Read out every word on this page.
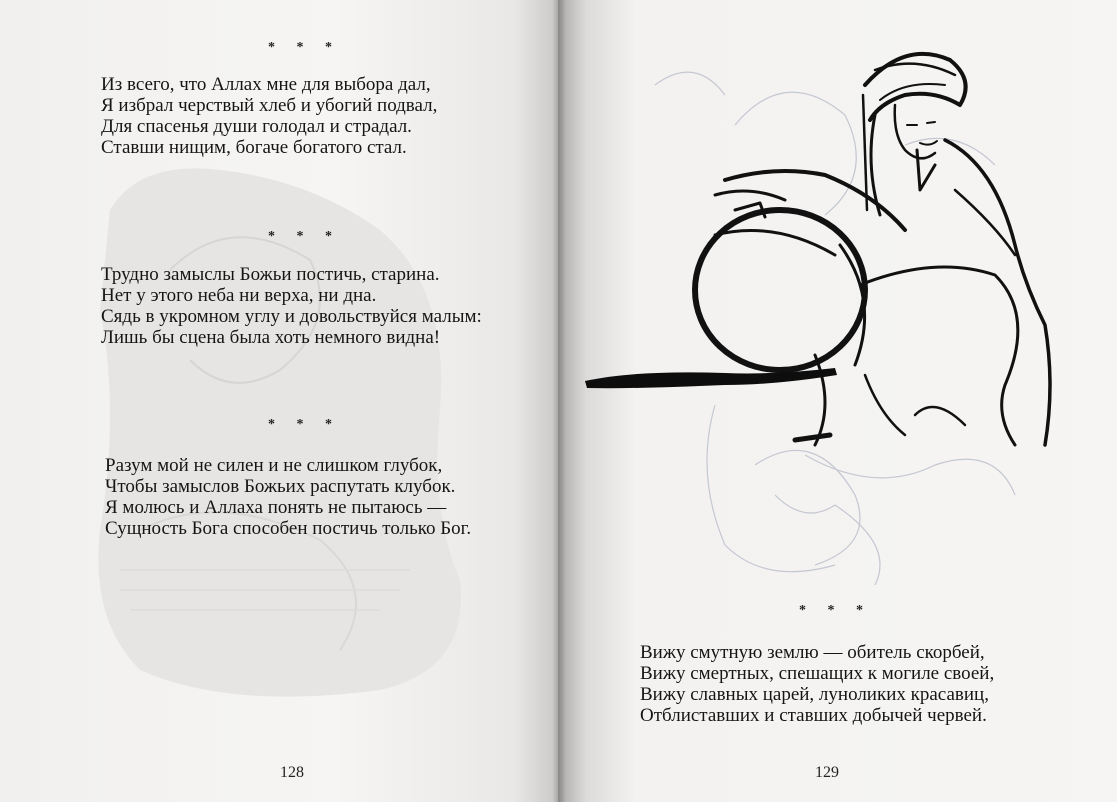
* * *
Из всего, что Аллах мне для выбора дал,
Я избрал черствый хлеб и убогий подвал,
Для спасенья души голодал и страдал.
Ставши нищим, богаче богатого стал.
* * *
Трудно замыслы Божьи постичь, старина.
Нет у этого неба ни верха, ни дна.
Сядь в укромном углу и довольствуйся малым:
Лишь бы сцена была хоть немного видна!
* * *
Разум мой не силен и не слишком глубок,
Чтобы замыслов Божьих распутать клубок.
Я молюсь и Аллаха понять не пытаюсь —
Сущность Бога способен постичь только Бог.
128
* * *
Вижу смутную землю — обитель скорбей,
Вижу смертных, спешащих к могиле своей,
Вижу славных царей, луноликих красавиц,
Отблиставших и ставших добычей червей.
129
